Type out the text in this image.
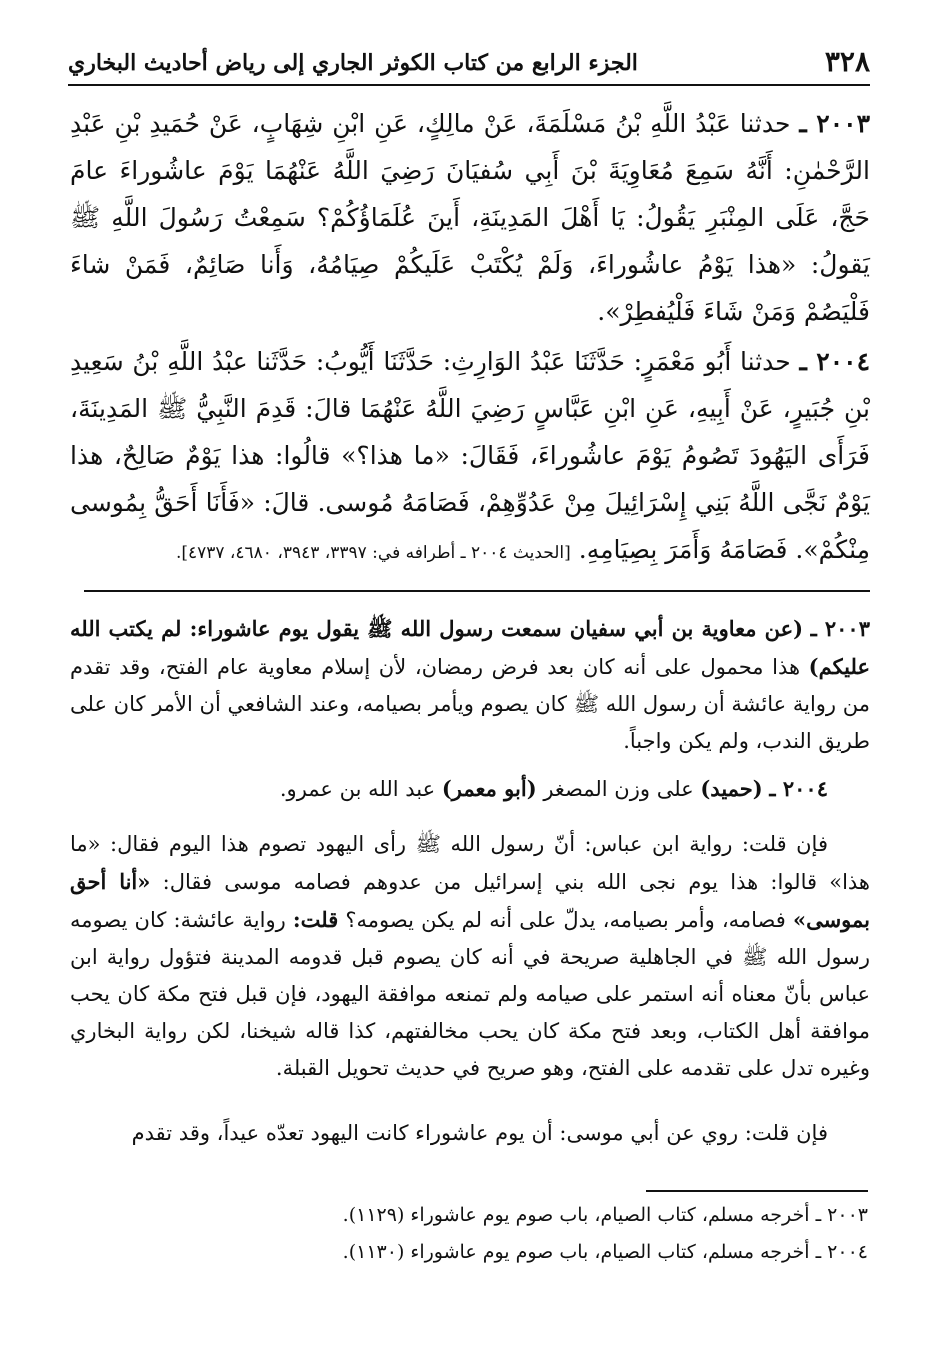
٣٢٨
الجزء الرابع من كتاب الكوثر الجاري إلى رياض أحاديث البخاري
٢٠٠٣ ـ حدثنا عَبْدُ اللَّهِ بْنُ مَسْلَمَةَ، عَنْ مالِكٍ، عَنِ ابْنِ شِهَابٍ، عَنْ حُمَيدِ بْنِ عَبْدِ الرَّحْمٰنِ: أَنَّهُ سَمِعَ مُعَاوِيَةَ بْنَ أَبِي سُفيَانَ رَضِيَ اللَّهُ عَنْهُمَا يَوْمَ عاشُوراءَ عامَ حَجَّ، عَلَى المِنْبَرِ يَقُولُ: يَا أَهْلَ المَدِينَةِ، أَينَ عُلَمَاؤُكُمْ؟ سَمِعْتُ رَسُولَ اللَّهِ ﷺ يَقولُ: «هذا يَوْمُ عاشُوراءَ، وَلَمْ يُكْتَبْ عَلَيكُمْ صِيَامُهُ، وَأَنا صَائِمٌ، فَمَنْ شاءَ فَلْيَصُمْ وَمَنْ شَاءَ فَلْيُفطِرْ».
٢٠٠٤ ـ حدثنا أَبُو مَعْمَرٍ: حَدَّثَنَا عَبْدُ الوَارِثِ: حَدَّثَنَا أَيُّوبُ: حَدَّثَنا عبْدُ اللَّهِ بْنُ سَعِيدِ بْنِ جُبَيرٍ، عَنْ أَبِيهِ، عَنِ ابْنِ عَبَّاسٍ رَضِيَ اللَّهُ عَنْهُمَا قالَ: قَدِمَ النَّبِيُّ ﷺ المَدِينَةَ، فَرَأَى اليَهُودَ تَصُومُ يَوْمَ عاشُوراءَ، فَقَالَ: «ما هذا؟» قالُوا: هذا يَوْمٌ صَالِحٌ، هذا يَوْمٌ نَجَّى اللَّهُ بَنِي إِسْرَائِيلَ مِنْ عَدُوِّهِمْ، فَصَامَهُ مُوسى. قالَ: «فَأَنَا أَحَقُّ بِمُوسى مِنْكُمْ». فَصَامَهُ وَأَمَرَ بِصِيَامِهِ. [الحديث ٢٠٠٤ ـ أطرافه في: ٣٣٩٧، ٣٩٤٣، ٤٦٨٠، ٤٧٣٧].
٢٠٠٣ ـ (عن معاوية بن أبي سفيان سمعت رسول الله ﷺ يقول يوم عاشوراء: لم يكتب الله عليكم) هذا محمول على أنه كان بعد فرض رمضان، لأن إسلام معاوية عام الفتح، وقد تقدم من رواية عائشة أن رسول الله ﷺ كان يصوم ويأمر بصيامه، وعند الشافعي أن الأمر كان على طريق الندب، ولم يكن واجباً.
٢٠٠٤ ـ (حميد) على وزن المصغر (أبو معمر) عبد الله بن عمرو.
فإن قلت: رواية ابن عباس: أنّ رسول الله ﷺ رأى اليهود تصوم هذا اليوم فقال: «ما هذا» قالوا: هذا يوم نجى الله بني إسرائيل من عدوهم فصامه موسى فقال: «أنا أحق بموسى» فصامه، وأمر بصيامه، يدلّ على أنه لم يكن يصومه؟ قلت: رواية عائشة: كان يصومه رسول الله ﷺ في الجاهلية صريحة في أنه كان يصوم قبل قدومه المدينة فتؤول رواية ابن عباس بأنّ معناه أنه استمر على صيامه ولم تمنعه موافقة اليهود، فإن قبل فتح مكة كان يحب موافقة أهل الكتاب، وبعد فتح مكة كان يحب مخالفتهم، كذا قاله شيخنا، لكن رواية البخاري وغيره تدل على تقدمه على الفتح، وهو صريح في حديث تحويل القبلة.
فإن قلت: روي عن أبي موسى: أن يوم عاشوراء كانت اليهود تعدّه عيداً، وقد تقدم
٢٠٠٣ ـ أخرجه مسلم، كتاب الصيام، باب صوم يوم عاشوراء (١١٢٩).
٢٠٠٤ ـ أخرجه مسلم، كتاب الصيام، باب صوم يوم عاشوراء (١١٣٠).
